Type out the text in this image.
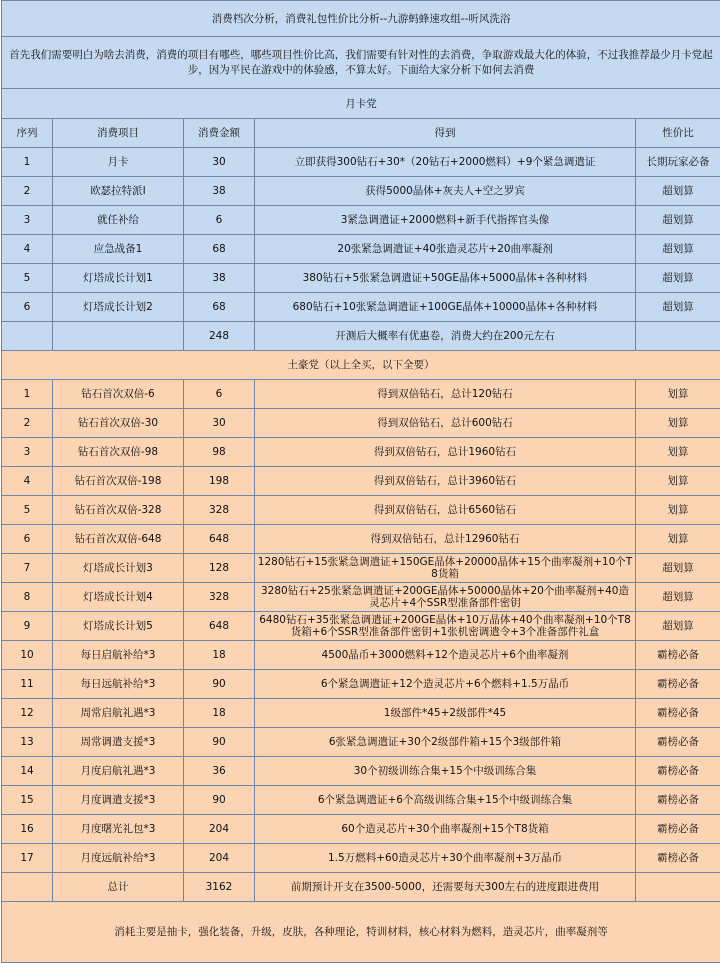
消费档次分析，消费礼包性价比分析--九游蚂蜂速攻组--听风洗浴				
首先我们需要明白为啥去消费，消费的项目有哪些，哪些项目性价比高，我们需要有针对性的去消费，争取游戏最大化的体验，不过我推荐最少月卡党起步，因为平民在游戏中的体验感，不算太好。下面给大家分析下如何去消费				
月卡党				
序列	消费项目	消费金额	得到	性价比
1	月卡	30	立即获得300钻石+30*（20钻石+2000燃料）+9个紧急调遣证	长期玩家必备
2	欧瑟拉特派I	38	获得5000晶体+灰夫人+空之罗宾	超划算
3	就任补给	6	3紧急调遣证+2000燃料+新手代指挥官头像	超划算
4	应急战备1	68	20张紧急调遣证+40张造灵芯片+20曲率凝剂	超划算
5	灯塔成长计划1	38	380钻石+5张紧急调遣证+50GE晶体+5000晶体+各种材料	超划算
6	灯塔成长计划2	68	680钻石+10张紧急调遣证+100GE晶体+10000晶体+各种材料	超划算
		248	开测后大概率有优惠卷，消费大约在200元左右	
土豪党（以上全买，以下全要）				
1	钻石首次双倍-6	6	得到双倍钻石，总计120钻石	划算
2	钻石首次双倍-30	30	得到双倍钻石，总计600钻石	划算
3	钻石首次双倍-98	98	得到双倍钻石，总计1960钻石	划算
4	钻石首次双倍-198	198	得到双倍钻石，总计3960钻石	划算
5	钻石首次双倍-328	328	得到双倍钻石，总计6560钻石	划算
6	钻石首次双倍-648	648	得到双倍钻石，总计12960钻石	划算
7	灯塔成长计划3	128	1280钻石+15张紧急调遣证+150GE晶体+20000晶体+15个曲率凝剂+10个T8货箱	超划算
8	灯塔成长计划4	328	3280钻石+25张紧急调遣证+200GE晶体+50000晶体+20个曲率凝剂+40造灵芯片+4个SSR型准备部件密钥	超划算
9	灯塔成长计划5	648	6480钻石+35张紧急调遣证+200GE晶体+10万晶体+40个曲率凝剂+10个T8货箱+6个SSR型准备部件密钥+1张机密调遣令+3个准备部件礼盒	超划算
10	每日启航补给*3	18	4500晶币+3000燃料+12个造灵芯片+6个曲率凝剂	霸榜必备
11	每日远航补给*3	90	6个紧急调遣证+12个造灵芯片+6个燃料+1.5万晶币	霸榜必备
12	周常启航礼遇*3	18	1级部件*45+2级部件*45	霸榜必备
13	周常调遣支援*3	90	6张紧急调遣证+30个2级部件箱+15个3级部件箱	霸榜必备
14	月度启航礼遇*3	36	30个初级训练合集+15个中级训练合集	霸榜必备
15	月度调遣支援*3	90	6个紧急调遣证+6个高级训练合集+15个中级训练合集	霸榜必备
16	月度曙光礼包*3	204	60个造灵芯片+30个曲率凝剂+15个T8货箱	霸榜必备
17	月度远航补给*3	204	1.5万燃料+60造灵芯片+30个曲率凝剂+3万晶币	霸榜必备
	总计	3162	前期预计开支在3500-5000，还需要每天300左右的进度跟进费用	
消耗主要是抽卡，强化装备，升级，皮肤，各种理论，特训材料，核心材料为燃料，造灵芯片，曲率凝剂等				
